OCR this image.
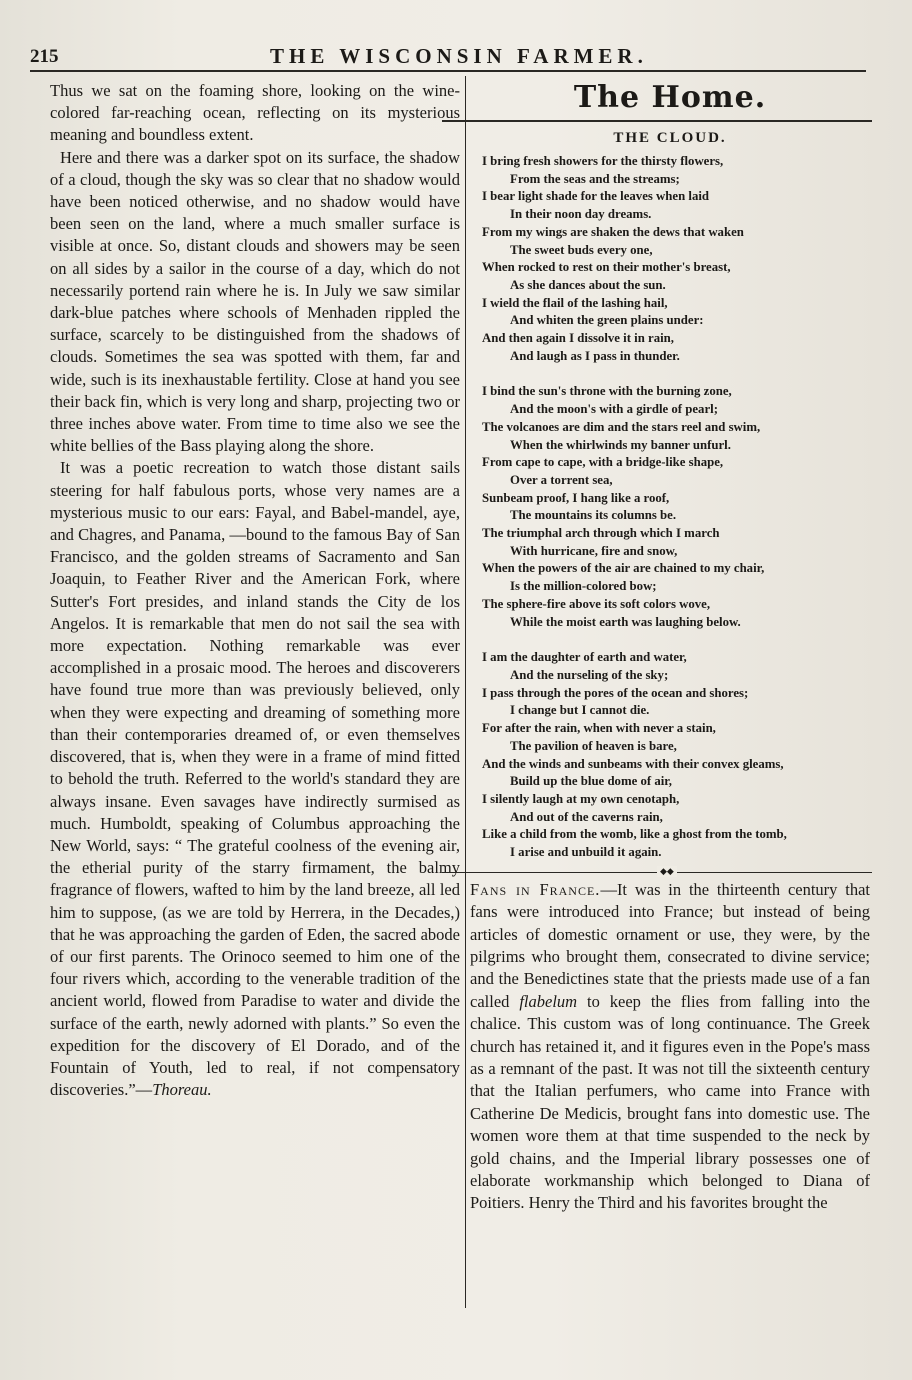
215	THE WISCONSIN FARMER.

Thus we sat on the foaming shore, looking on the wine-colored far-reaching ocean, reflecting on its mysterious meaning and boundless extent.

Here and there was a darker spot on its surface, the shadow of a cloud, though the sky was so clear that no shadow would have been noticed otherwise, and no shadow would have been seen on the land, where a much smaller surface is visible at once. So, distant clouds and showers may be seen on all sides by a sailor in the course of a day, which do not necessarily portend rain where he is. In July we saw similar dark-blue patches where schools of Menhaden rippled the surface, scarcely to be distinguished from the shadows of clouds. Sometimes the sea was spotted with them, far and wide, such is its inexhaustable fertility. Close at hand you see their back fin, which is very long and sharp, projecting two or three inches above water. From time to time also we see the white bellies of the Bass playing along the shore.

It was a poetic recreation to watch those distant sails steering for half fabulous ports, whose very names are a mysterious music to our ears: Fayal, and Babel-mandel, aye, and Chagres, and Panama, —bound to the famous Bay of San Francisco, and the golden streams of Sacramento and San Joaquin, to Feather River and the American Fork, where Sutter's Fort presides, and inland stands the City de los Angelos. It is remarkable that men do not sail the sea with more expectation. Nothing remarkable was ever accomplished in a prosaic mood. The heroes and discoverers have found true more than was previously believed, only when they were expecting and dreaming of something more than their contemporaries dreamed of, or even themselves discovered, that is, when they were in a frame of mind fitted to behold the truth. Referred to the world's standard they are always insane. Even savages have indirectly surmised as much. Humboldt, speaking of Columbus approaching the New World, says: “ The grateful coolness of the evening air, the etherial purity of the starry firmament, the balmy fragrance of flowers, wafted to him by the land breeze, all led him to suppose, (as we are told by Herrera, in the Decades,) that he was approaching the garden of Eden, the sacred abode of our first parents. The Orinoco seemed to him one of the four rivers which, according to the venerable tradition of the ancient world, flowed from Paradise to water and divide the surface of the earth, newly adorned with plants.” So even the expedition for the discovery of El Dorado, and of the Fountain of Youth, led to real, if not compensatory discoveries.”—Thoreau.

The Home.
THE CLOUD.
I bring fresh showers for the thirsty flowers,
From the seas and the streams;
I bear light shade for the leaves when laid
In their noon day dreams.
From my wings are shaken the dews that waken
The sweet buds every one,
When rocked to rest on their mother's breast,
As she dances about the sun.
I wield the flail of the lashing hail,
And whiten the green plains under:
And then again I dissolve it in rain,
And laugh as I pass in thunder.
I bind the sun's throne with the burning zone,
And the moon's with a girdle of pearl;
The volcanoes are dim and the stars reel and swim,
When the whirlwinds my banner unfurl.
From cape to cape, with a bridge-like shape,
Over a torrent sea,
Sunbeam proof, I hang like a roof,
The mountains its columns be.
The triumphal arch through which I march
With hurricane, fire and snow,
When the powers of the air are chained to my chair,
Is the million-colored bow;
The sphere-fire above its soft colors wove,
While the moist earth was laughing below.
I am the daughter of earth and water,
And the nurseling of the sky;
I pass through the pores of the ocean and shores;
I change but I cannot die.
For after the rain, when with never a stain,
The pavilion of heaven is bare,
And the winds and sunbeams with their convex gleams,
Build up the blue dome of air,
I silently laugh at my own cenotaph,
And out of the caverns rain,
Like a child from the womb, like a ghost from the tomb,
I arise and unbuild it again.
◆◆
Fans in France.—It was in the thirteenth century that fans were introduced into France; but instead of being articles of domestic ornament or use, they were, by the pilgrims who brought them, consecrated to divine service; and the Benedictines state that the priests made use of a fan called flabelum to keep the flies from falling into the chalice. This custom was of long continuance. The Greek church has retained it, and it figures even in the Pope's mass as a remnant of the past. It was not till the sixteenth century that the Italian perfumers, who came into France with Catherine De Medicis, brought fans into domestic use. The women wore them at that time suspended to the neck by gold chains, and the Imperial library possesses one of elaborate workmanship which belonged to Diana of Poitiers. Henry the Third and his favorites brought the
